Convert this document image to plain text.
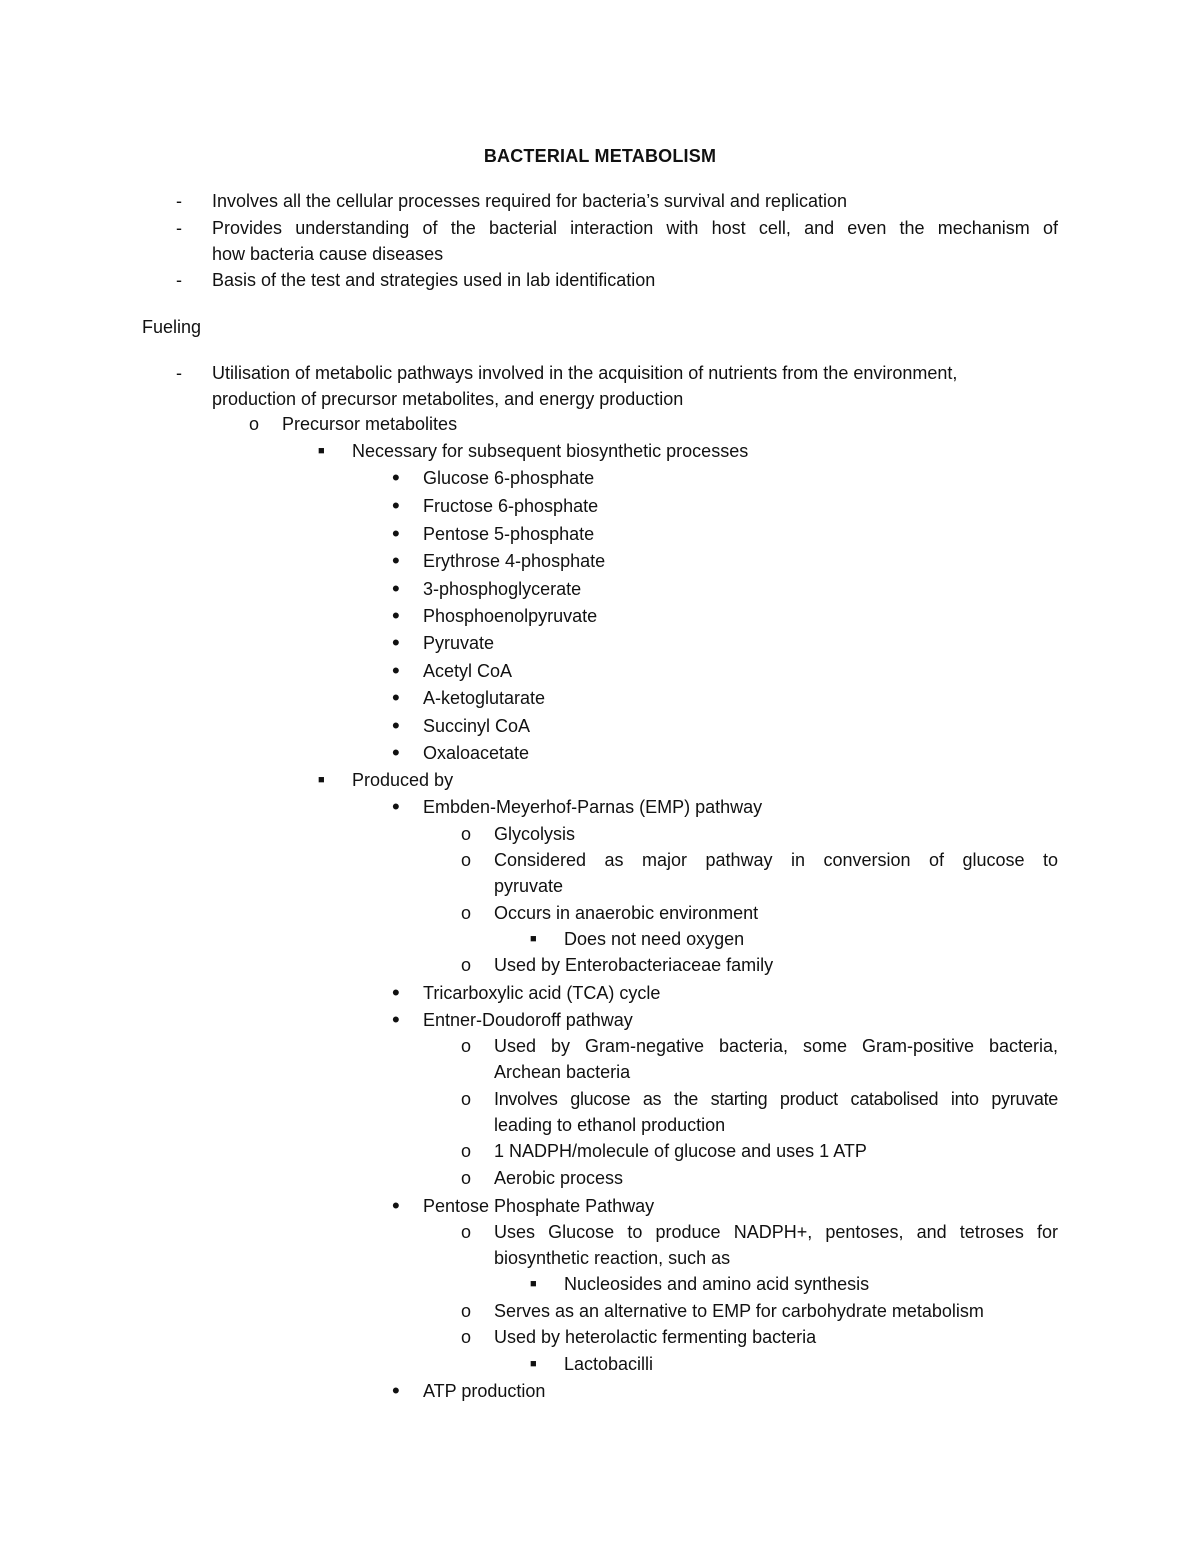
BACTERIAL METABOLISM
- Involves all the cellular processes required for bacteria’s survival and replication
- Provides understanding of the bacterial interaction with host cell, and even the mechanism of
how bacteria cause diseases
- Basis of the test and strategies used in lab identification
Fueling
- Utilisation of metabolic pathways involved in the acquisition of nutrients from the environment,
production of precursor metabolites, and energy production
o Precursor metabolites
■ Necessary for subsequent biosynthetic processes
• Glucose 6-phosphate
• Fructose 6-phosphate
• Pentose 5-phosphate
• Erythrose 4-phosphate
• 3-phosphoglycerate
• Phosphoenolpyruvate
• Pyruvate
• Acetyl CoA
• A-ketoglutarate
• Succinyl CoA
• Oxaloacetate
■ Produced by
• Embden-Meyerhof-Parnas (EMP) pathway
o Glycolysis
o Considered as major pathway in conversion of glucose to
pyruvate
o Occurs in anaerobic environment
■ Does not need oxygen
o Used by Enterobacteriaceae family
• Tricarboxylic acid (TCA) cycle
• Entner-Doudoroff pathway
o Used by Gram-negative bacteria, some Gram-positive bacteria,
Archean bacteria
o Involves glucose as the starting product catabolised into pyruvate
leading to ethanol production
o 1 NADPH/molecule of glucose and uses 1 ATP
o Aerobic process
• Pentose Phosphate Pathway
o Uses Glucose to produce NADPH+, pentoses, and tetroses for
biosynthetic reaction, such as
■ Nucleosides and amino acid synthesis
o Serves as an alternative to EMP for carbohydrate metabolism
o Used by heterolactic fermenting bacteria
■ Lactobacilli
• ATP production
